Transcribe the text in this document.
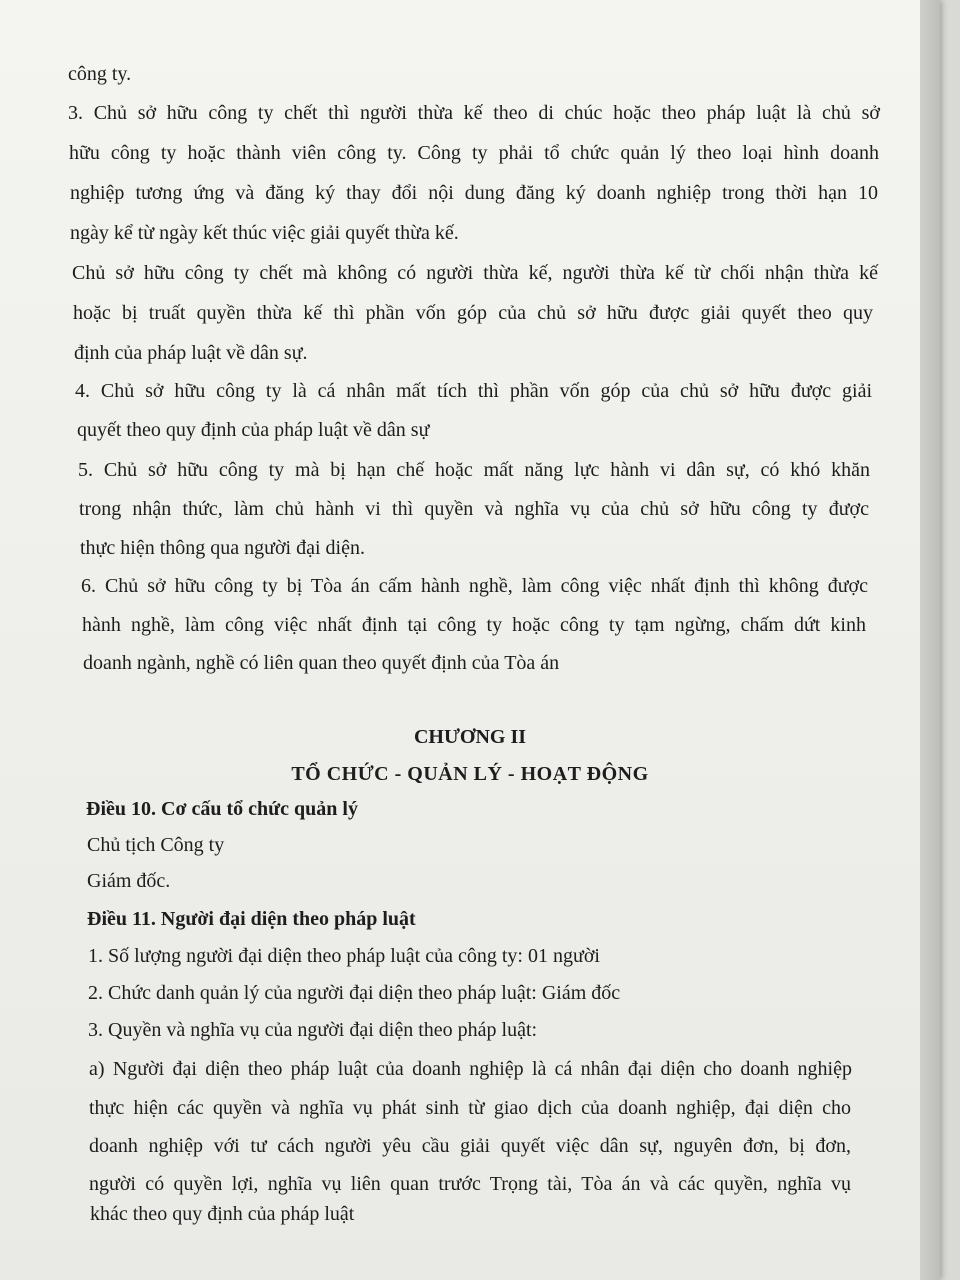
công ty.

3. Chủ sở hữu công ty chết thì người thừa kế theo di chúc hoặc theo pháp luật là chủ sở

hữu công ty hoặc thành viên công ty. Công ty phải tổ chức quản lý theo loại hình doanh

nghiệp tương ứng và đăng ký thay đổi nội dung đăng ký doanh nghiệp trong thời hạn 10

ngày kể từ ngày kết thúc việc giải quyết thừa kế.

Chủ sở hữu công ty chết mà không có người thừa kế, người thừa kế từ chối nhận thừa kế

hoặc bị truất quyền thừa kế thì phần vốn góp của chủ sở hữu được giải quyết theo quy

định của pháp luật về dân sự.

4. Chủ sở hữu công ty là cá nhân mất tích thì phần vốn góp của chủ sở hữu được giải

quyết theo quy định của pháp luật về dân sự

5. Chủ sở hữu công ty mà bị hạn chế hoặc mất năng lực hành vi dân sự, có khó khăn

trong nhận thức, làm chủ hành vi thì quyền và nghĩa vụ của chủ sở hữu công ty được

thực hiện thông qua người đại diện.

6. Chủ sở hữu công ty bị Tòa án cấm hành nghề, làm công việc nhất định thì không được

hành nghề, làm công việc nhất định tại công ty hoặc công ty tạm ngừng, chấm dứt kinh

doanh ngành, nghề có liên quan theo quyết định của Tòa án

CHƯƠNG II

TỔ CHỨC - QUẢN LÝ - HOẠT ĐỘNG

Điều 10. Cơ cấu tổ chức quản lý

Chủ tịch Công ty

Giám đốc.

Điều 11. Người đại diện theo pháp luật

1. Số lượng người đại diện theo pháp luật của công ty: 01 người

2. Chức danh quản lý của người đại diện theo pháp luật: Giám đốc

3. Quyền và nghĩa vụ của người đại diện theo pháp luật:

a) Người đại diện theo pháp luật của doanh nghiệp là cá nhân đại diện cho doanh nghiệp

thực hiện các quyền và nghĩa vụ phát sinh từ giao dịch của doanh nghiệp, đại diện cho

doanh nghiệp với tư cách người yêu cầu giải quyết việc dân sự, nguyên đơn, bị đơn,

người có quyền lợi, nghĩa vụ liên quan trước Trọng tài, Tòa án và các quyền, nghĩa vụ

khác theo quy định của pháp luật
